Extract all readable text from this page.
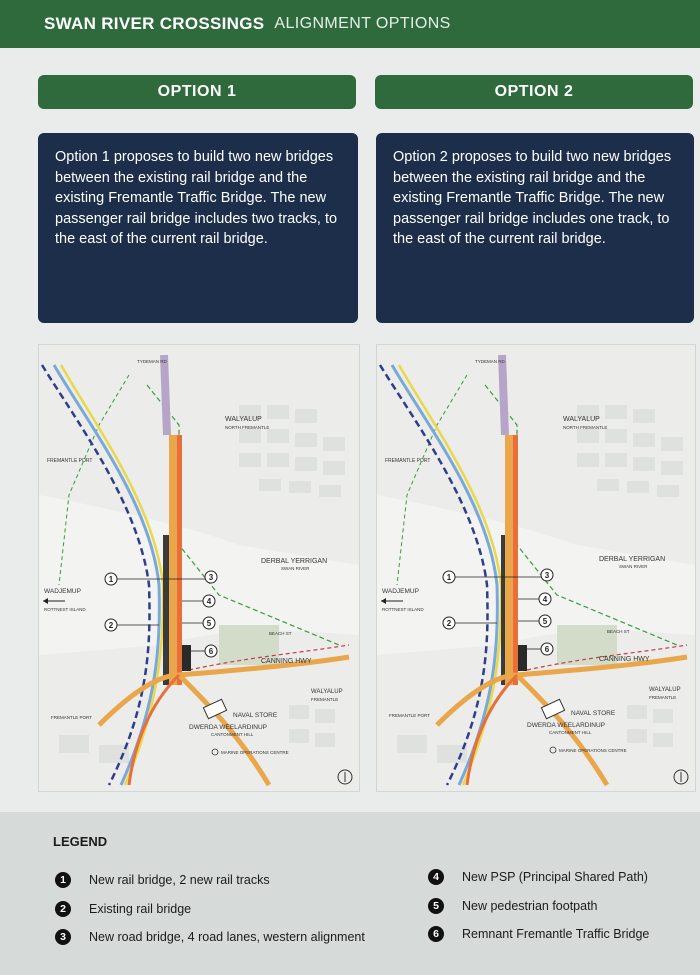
SWAN RIVER CROSSINGS ALIGNMENT OPTIONS
OPTION 1	OPTION 2
Option 1 proposes to build two new bridges between the existing rail bridge and the existing Fremantle Traffic Bridge. The new passenger rail bridge includes two tracks, to the east of the current rail bridge.
Option 2 proposes to build two new bridges between the existing rail bridge and the existing Fremantle Traffic Bridge. The new passenger rail bridge includes one track, to the east of the current rail bridge.
1	3
4
2	5
6
WALYALUP
NORTH FREMANTLE
FREMANTLE PORT
TYDEMAN RD
DERBAL YERRIGAN
SWAN RIVER
WADJEMUP
ROTTNEST ISLAND
BEACH ST
CANNING HWY
NAVAL STORE
WALYALUP
FREMANTLE
FREMANTLE PORT
DWERDA WEELARDINUP
CANTONMENT HILL
MARINE OPERATIONS CENTRE
1	3
4
2	5
6
WALYALUP
NORTH FREMANTLE
FREMANTLE PORT
TYDEMAN RD
DERBAL YERRIGAN
SWAN RIVER
WADJEMUP
ROTTNEST ISLAND
BEACH ST
CANNING HWY
NAVAL STORE
WALYALUP
FREMANTLE
FREMANTLE PORT
DWERDA WEELARDINUP
CANTONMENT HILL
MARINE OPERATIONS CENTRE
LEGEND
1	New rail bridge, 2 new rail tracks
2	Existing rail bridge
3	New road bridge, 4 road lanes, western alignment
4	New PSP (Principal Shared Path)
5	New pedestrian footpath
6	Remnant Fremantle Traffic Bridge
